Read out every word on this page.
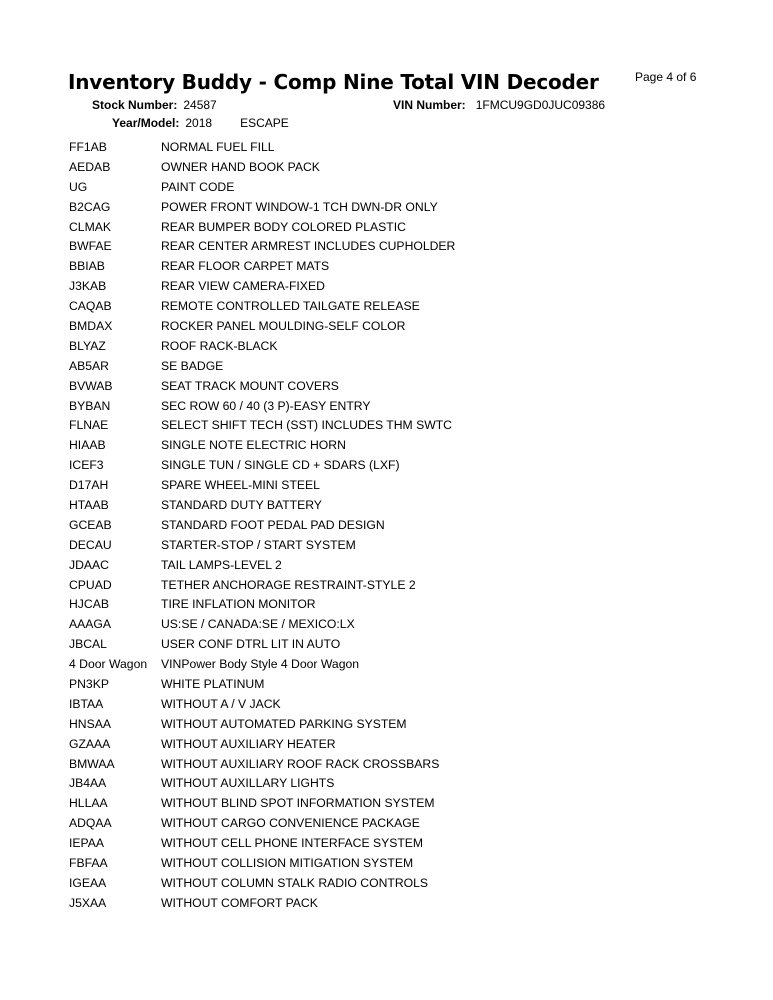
Inventory Buddy - Comp Nine Total VIN Decoder	Page 4 of 6
Stock Number: 24587	VIN Number: 1FMCU9GD0JUC09386
Year/Model: 2018 ESCAPE
FF1AB	NORMAL FUEL FILL
AEDAB	OWNER HAND BOOK PACK
UG	PAINT CODE
B2CAG	POWER FRONT WINDOW-1 TCH DWN-DR ONLY
CLMAK	REAR BUMPER BODY COLORED PLASTIC
BWFAE	REAR CENTER ARMREST INCLUDES CUPHOLDER
BBIAB	REAR FLOOR CARPET MATS
J3KAB	REAR VIEW CAMERA-FIXED
CAQAB	REMOTE CONTROLLED TAILGATE RELEASE
BMDAX	ROCKER PANEL MOULDING-SELF COLOR
BLYAZ	ROOF RACK-BLACK
AB5AR	SE BADGE
BVWAB	SEAT TRACK MOUNT COVERS
BYBAN	SEC ROW 60 / 40 (3 P)-EASY ENTRY
FLNAE	SELECT SHIFT TECH (SST) INCLUDES THM SWTC
HIAAB	SINGLE NOTE ELECTRIC HORN
ICEF3	SINGLE TUN / SINGLE CD + SDARS (LXF)
D17AH	SPARE WHEEL-MINI STEEL
HTAAB	STANDARD DUTY BATTERY
GCEAB	STANDARD FOOT PEDAL PAD DESIGN
DECAU	STARTER-STOP / START SYSTEM
JDAAC	TAIL LAMPS-LEVEL 2
CPUAD	TETHER ANCHORAGE RESTRAINT-STYLE 2
HJCAB	TIRE INFLATION MONITOR
AAAGA	US:SE / CANADA:SE / MEXICO:LX
JBCAL	USER CONF DTRL LIT IN AUTO
4 Door Wagon	VINPower Body Style 4 Door Wagon
PN3KP	WHITE PLATINUM
IBTAA	WITHOUT A / V JACK
HNSAA	WITHOUT AUTOMATED PARKING SYSTEM
GZAAA	WITHOUT AUXILIARY HEATER
BMWAA	WITHOUT AUXILIARY ROOF RACK CROSSBARS
JB4AA	WITHOUT AUXILLARY LIGHTS
HLLAA	WITHOUT BLIND SPOT INFORMATION SYSTEM
ADQAA	WITHOUT CARGO CONVENIENCE PACKAGE
IEPAA	WITHOUT CELL PHONE INTERFACE SYSTEM
FBFAA	WITHOUT COLLISION MITIGATION SYSTEM
IGEAA	WITHOUT COLUMN STALK RADIO CONTROLS
J5XAA	WITHOUT COMFORT PACK
